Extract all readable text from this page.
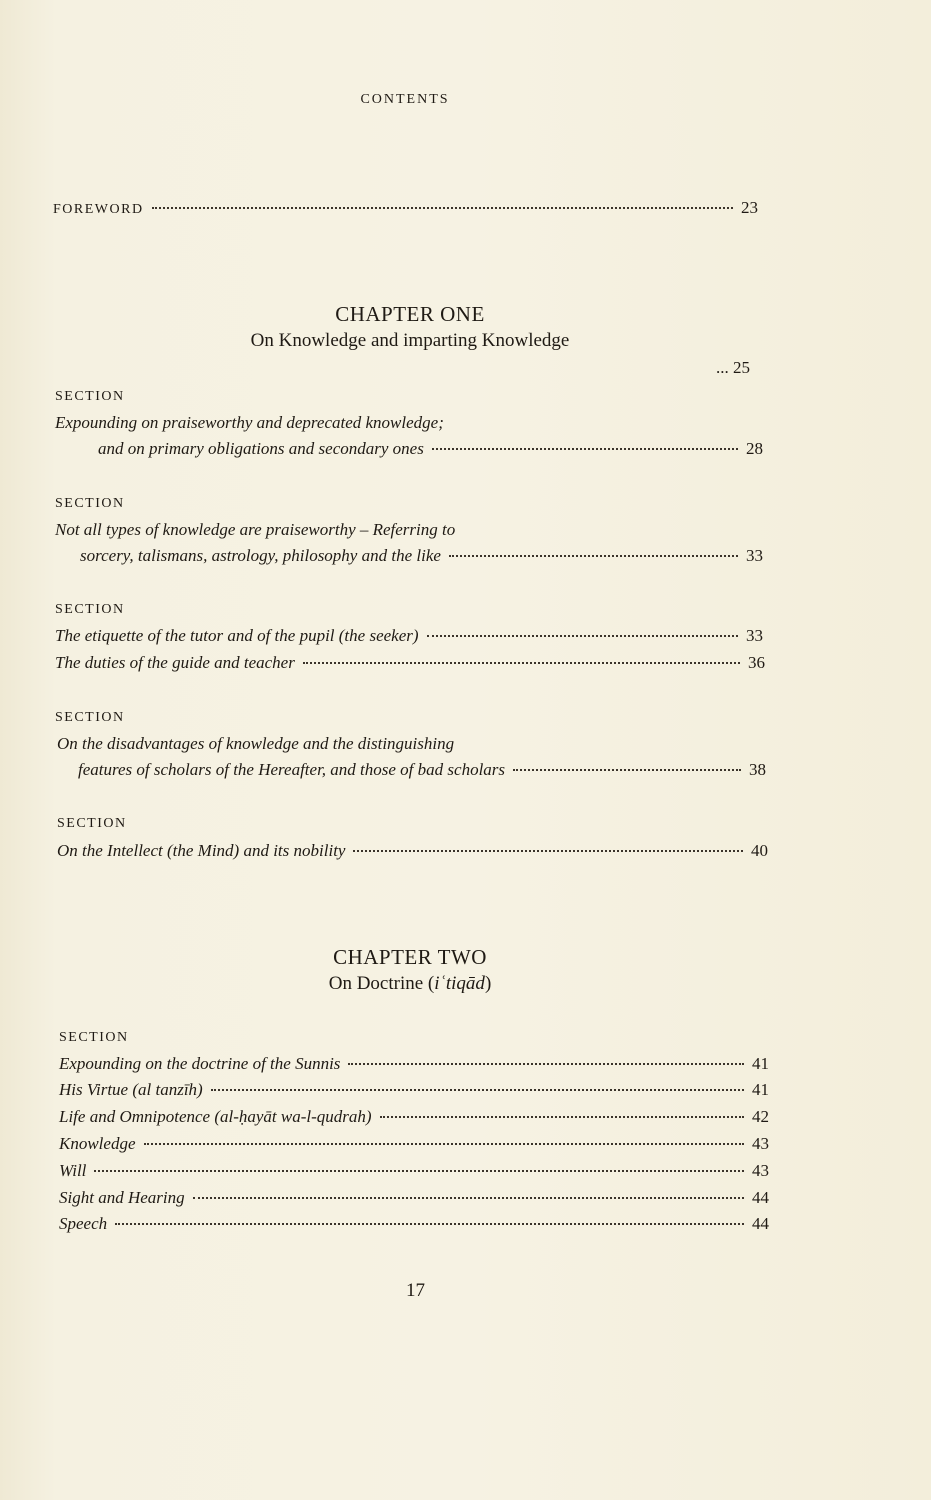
CONTENTS
FOREWORD	23
CHAPTER ONE
On Knowledge and imparting Knowledge
... 25
SECTION
Expounding on praiseworthy and deprecated knowledge;
and on primary obligations and secondary ones	28
SECTION
Not all types of knowledge are praiseworthy – Referring to
sorcery, talismans, astrology, philosophy and the like	33
SECTION
The etiquette of the tutor and of the pupil (the seeker)	33
The duties of the guide and teacher	36
SECTION
On the disadvantages of knowledge and the distinguishing
features of scholars of the Hereafter, and those of bad scholars	38
SECTION
On the Intellect (the Mind) and its nobility	40
CHAPTER TWO
On Doctrine (iʿtiqād)
SECTION
Expounding on the doctrine of the Sunnis	41
His Virtue (al tanzīh)	41
Life and Omnipotence (al-ḥayāt wa-l-qudrah)	42
Knowledge	43
Will	43
Sight and Hearing	44
Speech	44
17
